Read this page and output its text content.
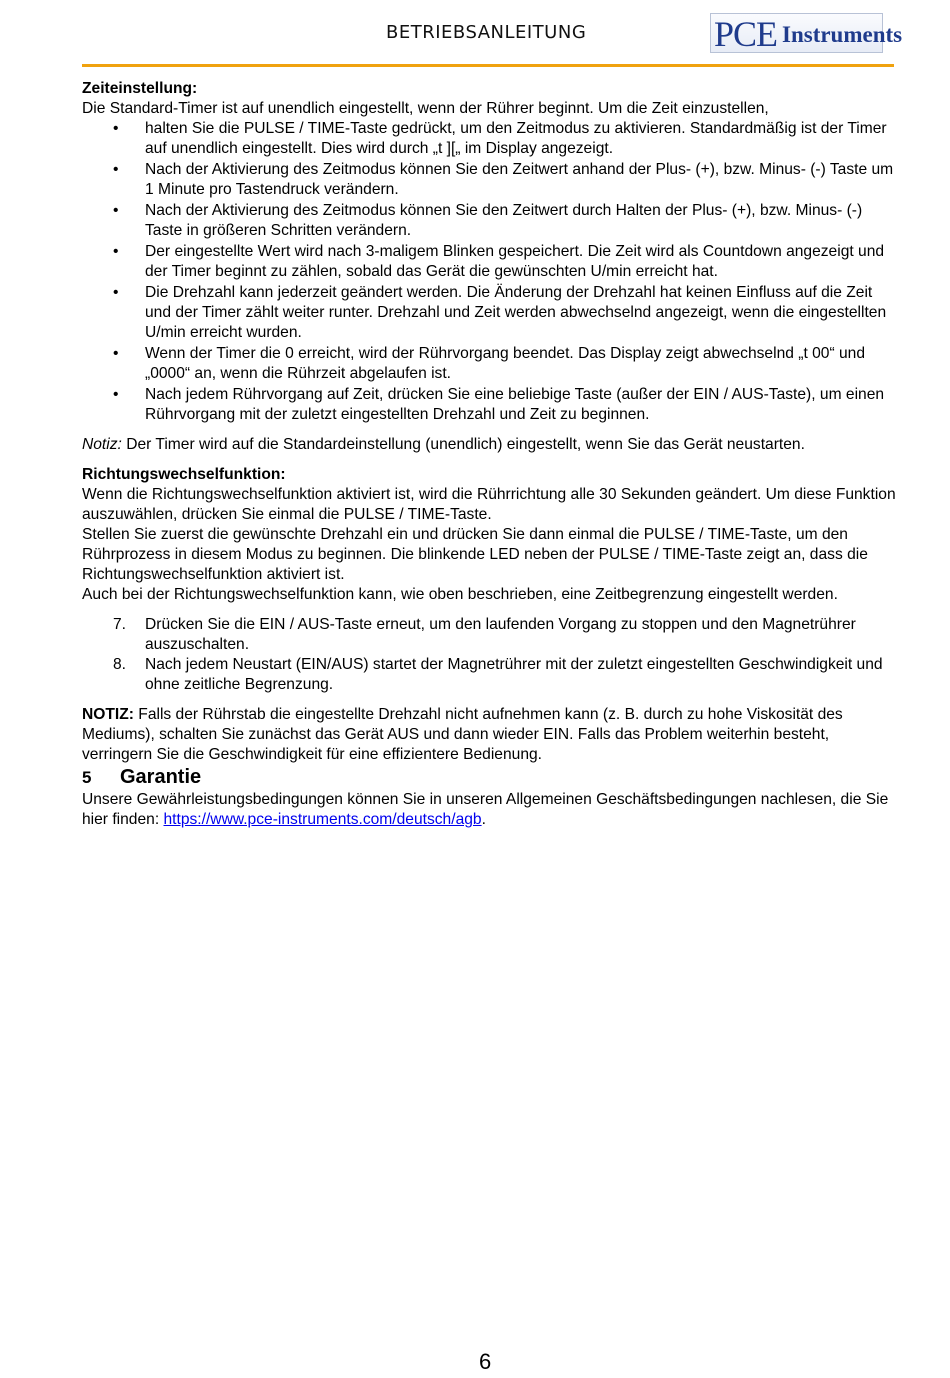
BETRIEBSANLEITUNG	PCE Instruments

Zeiteinstellung:

Die Standard-Timer ist auf unendlich eingestellt, wenn der Rührer beginnt. Um die Zeit einzustellen,

• halten Sie die PULSE / TIME-Taste gedrückt, um den Zeitmodus zu aktivieren. Standardmäßig ist der Timer auf unendlich eingestellt. Dies wird durch „t ][„ im Display angezeigt.
• Nach der Aktivierung des Zeitmodus können Sie den Zeitwert anhand der Plus- (+), bzw. Minus- (-) Taste um 1 Minute pro Tastendruck verändern.
• Nach der Aktivierung des Zeitmodus können Sie den Zeitwert durch Halten der Plus- (+), bzw. Minus- (-) Taste in größeren Schritten verändern.
• Der eingestellte Wert wird nach 3-maligem Blinken gespeichert. Die Zeit wird als Countdown angezeigt und der Timer beginnt zu zählen, sobald das Gerät die gewünschten U/min erreicht hat.
• Die Drehzahl kann jederzeit geändert werden. Die Änderung der Drehzahl hat keinen Einfluss auf die Zeit und der Timer zählt weiter runter. Drehzahl und Zeit werden abwechselnd angezeigt, wenn die eingestellten U/min erreicht wurden.
• Wenn der Timer die 0 erreicht, wird der Rührvorgang beendet. Das Display zeigt abwechselnd „t 00“ und „0000“ an, wenn die Rührzeit abgelaufen ist.
• Nach jedem Rührvorgang auf Zeit, drücken Sie eine beliebige Taste (außer der EIN / AUS-Taste), um einen Rührvorgang mit der zuletzt eingestellten Drehzahl und Zeit zu beginnen.

Notiz: Der Timer wird auf die Standardeinstellung (unendlich) eingestellt, wenn Sie das Gerät neustarten.

Richtungswechselfunktion:

Wenn die Richtungswechselfunktion aktiviert ist, wird die Rührrichtung alle 30 Sekunden geändert. Um diese Funktion auszuwählen, drücken Sie einmal die PULSE / TIME-Taste.

Stellen Sie zuerst die gewünschte Drehzahl ein und drücken Sie dann einmal die PULSE / TIME-Taste, um den Rührprozess in diesem Modus zu beginnen. Die blinkende LED neben der PULSE / TIME-Taste zeigt an, dass die Richtungswechselfunktion aktiviert ist.

Auch bei der Richtungswechselfunktion kann, wie oben beschrieben, eine Zeitbegrenzung eingestellt werden.

7. Drücken Sie die EIN / AUS-Taste erneut, um den laufenden Vorgang zu stoppen und den Magnetrührer auszuschalten.
8. Nach jedem Neustart (EIN/AUS) startet der Magnetrührer mit der zuletzt eingestellten Geschwindigkeit und ohne zeitliche Begrenzung.

NOTIZ: Falls der Rührstab die eingestellte Drehzahl nicht aufnehmen kann (z. B. durch zu hohe Viskosität des Mediums), schalten Sie zunächst das Gerät AUS und dann wieder EIN. Falls das Problem weiterhin besteht, verringern Sie die Geschwindigkeit für eine effizientere Bedienung.

5 Garantie

Unsere Gewährleistungsbedingungen können Sie in unseren Allgemeinen Geschäftsbedingungen nachlesen, die Sie hier finden: https://www.pce-instruments.com/deutsch/agb.

6
